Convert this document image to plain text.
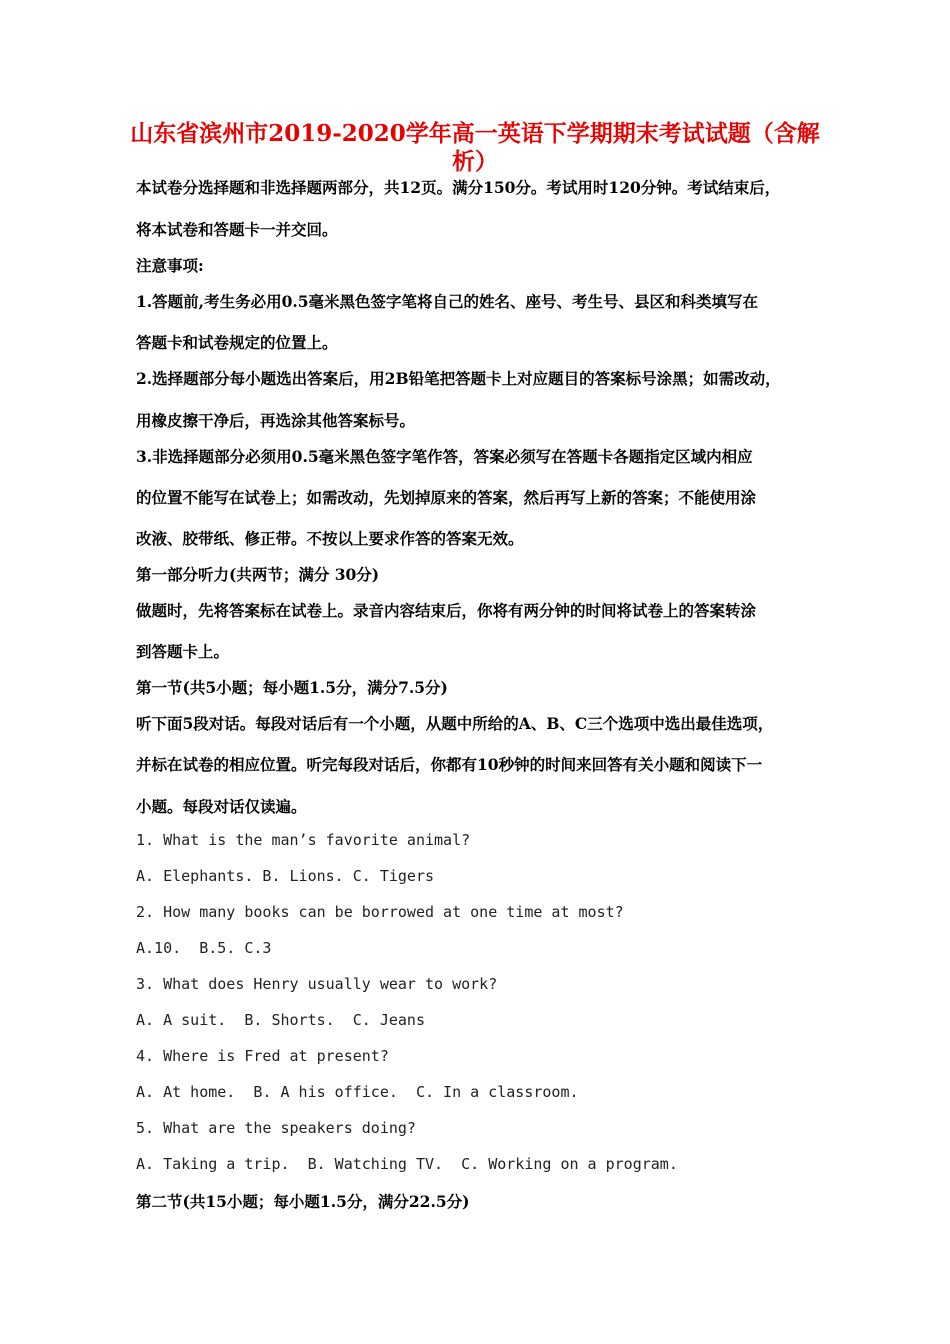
山东省滨州市2019-2020学年高一英语下学期期末考试试题（含解
析）
本试卷分选择题和非选择题两部分，共12页。满分150分。考试用时120分钟。考试结束后，
将本试卷和答题卡一并交回。
注意事项:
1.答题前,考生务必用0.5毫米黑色签字笔将自己的姓名、座号、考生号、县区和科类填写在
答题卡和试卷规定的位置上。
2.选择题部分每小题选出答案后，用2B铅笔把答题卡上对应题目的答案标号涂黑；如需改动，
用橡皮擦干净后，再选涂其他答案标号。
3.非选择题部分必须用0.5毫米黑色签字笔作答，答案必须写在答题卡各题指定区域内相应
的位置不能写在试卷上；如需改动，先划掉原来的答案，然后再写上新的答案；不能使用涂
改液、胶带纸、修正带。不按以上要求作答的答案无效。
第一部分听力(共两节；满分 30分)
做题时，先将答案标在试卷上。录音内容结束后，你将有两分钟的时间将试卷上的答案转涂
到答题卡上。
第一节(共5小题；每小题1.5分，满分7.5分)
听下面5段对话。每段对话后有一个小题，从题中所给的A、B、C三个选项中选出最佳选项，
并标在试卷的相应位置。听完每段对话后，你都有10秒钟的时间来回答有关小题和阅读下一
小题。每段对话仅读遍。
1. What is the man’s favorite animal?
A. Elephants. B. Lions. C. Tigers
2. How many books can be borrowed at one time at most?
A.10.  B.5. C.3
3. What does Henry usually wear to work?
A. A suit.  B. Shorts.  C. Jeans
4. Where is Fred at present?
A. At home.  B. A his office.  C. In a classroom.
5. What are the speakers doing?
A. Taking a trip.  B. Watching TV.  C. Working on a program.
第二节(共15小题；每小题1.5分，满分22.5分)
